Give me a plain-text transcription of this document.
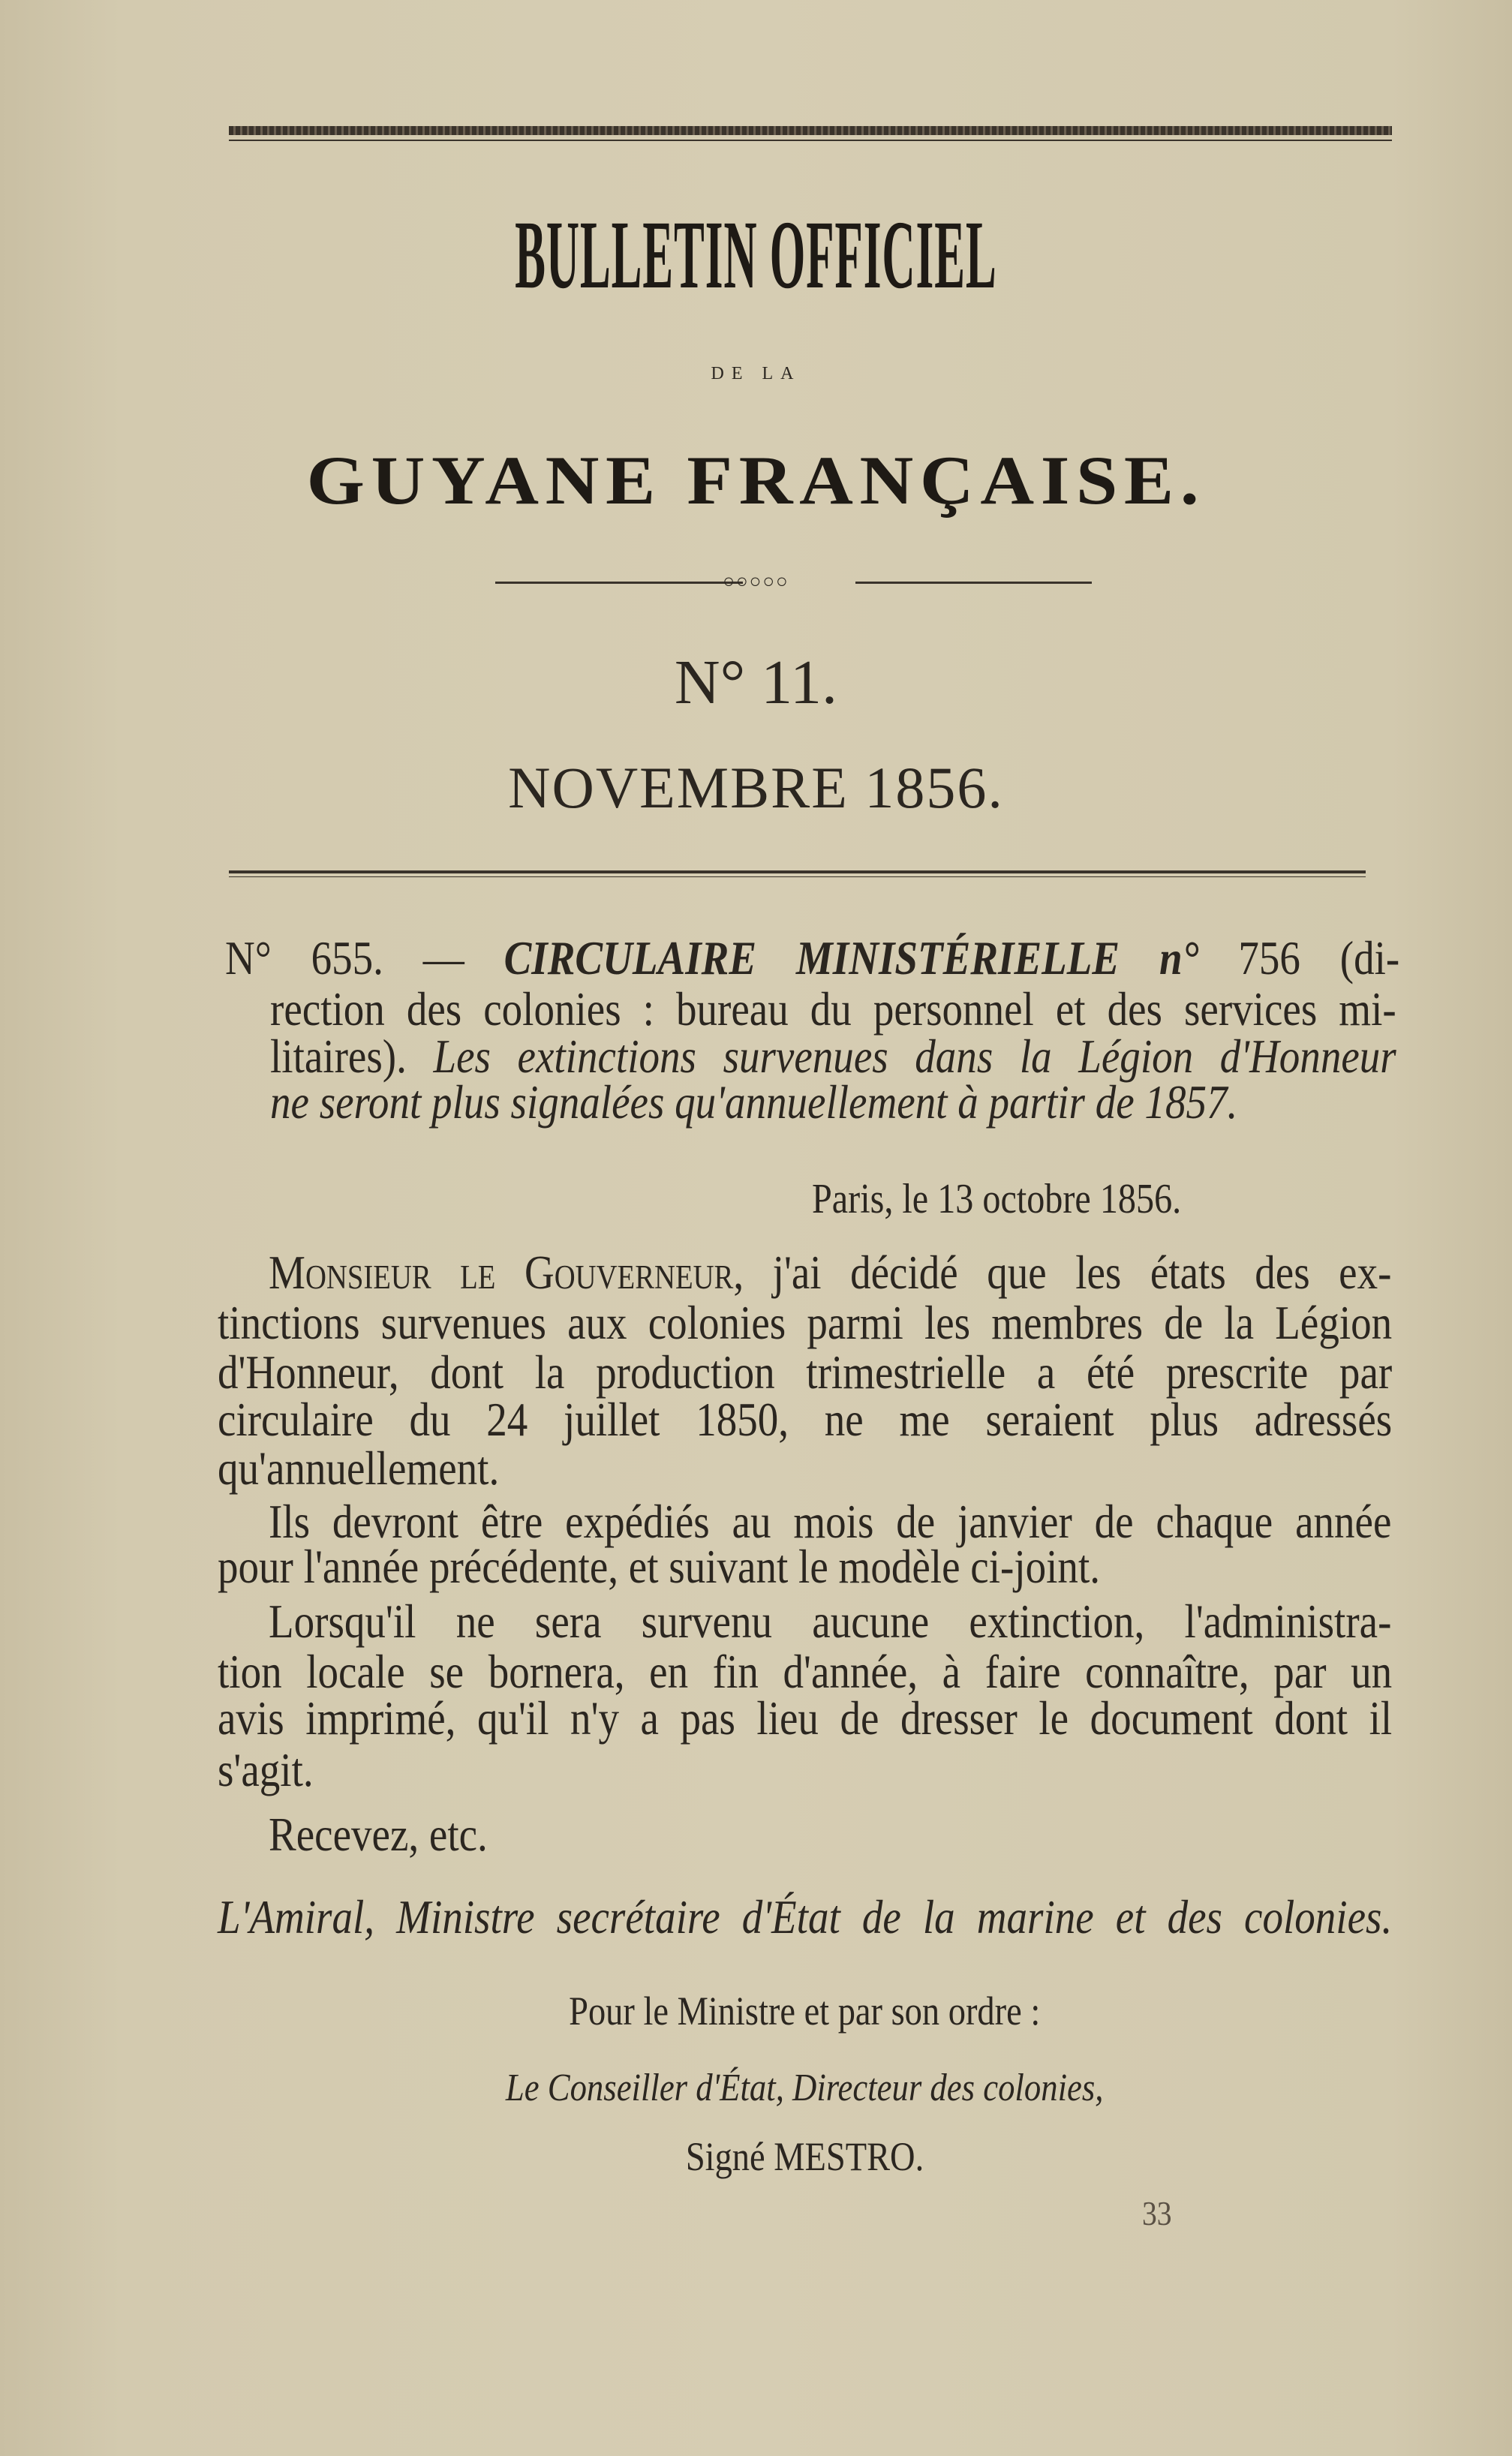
BULLETIN OFFICIEL
DE LA
GUYANE FRANÇAISE.
○○○○○
N° 11.
NOVEMBRE 1856.
N° 655. — CIRCULAIRE MINISTÉRIELLE n° 756 (di-
rection des colonies : bureau du personnel et des services mi-
litaires). Les extinctions survenues dans la Légion d'Honneur
ne seront plus signalées qu'annuellement à partir de 1857.
Paris, le 13 octobre 1856.
Monsieur le Gouverneur, j'ai décidé que les états des ex-
tinctions survenues aux colonies parmi les membres de la Légion
d'Honneur, dont la production trimestrielle a été prescrite par
circulaire du 24 juillet 1850, ne me seraient plus adressés
qu'annuellement.
Ils devront être expédiés au mois de janvier de chaque année
pour l'année précédente, et suivant le modèle ci-joint.
Lorsqu'il ne sera survenu aucune extinction, l'administra-
tion locale se bornera, en fin d'année, à faire connaître, par un
avis imprimé, qu'il n'y a pas lieu de dresser le document dont il
s'agit.
Recevez, etc.
L'Amiral, Ministre secrétaire d'État de la marine et des colonies.
Pour le Ministre et par son ordre :
Le Conseiller d'État, Directeur des colonies,
Signé MESTRO.
33
